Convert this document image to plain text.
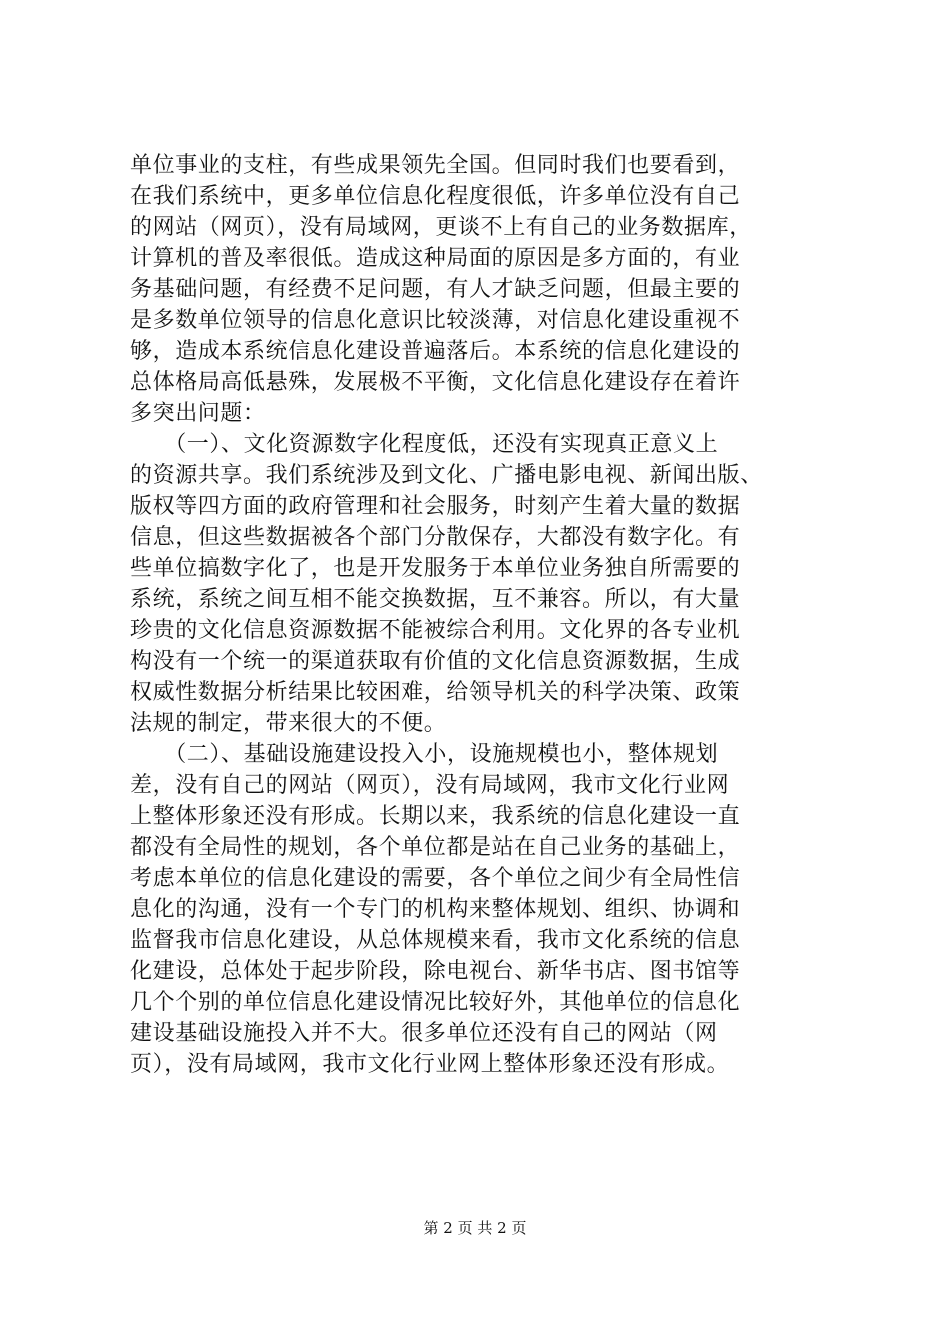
单位事业的支柱，有些成果领先全国。但同时我们也要看到，
在我们系统中，更多单位信息化程度很低，许多单位没有自己
的网站（网页），没有局域网，更谈不上有自己的业务数据库，
计算机的普及率很低。造成这种局面的原因是多方面的，有业
务基础问题，有经费不足问题，有人才缺乏问题，但最主要的
是多数单位领导的信息化意识比较淡薄，对信息化建设重视不
够，造成本系统信息化建设普遍落后。本系统的信息化建设的
总体格局高低悬殊，发展极不平衡，文化信息化建设存在着许
多突出问题：
　　（一）、文化资源数字化程度低，还没有实现真正意义上
的资源共享。我们系统涉及到文化、广播电影电视、新闻出版、
版权等四方面的政府管理和社会服务，时刻产生着大量的数据
信息，但这些数据被各个部门分散保存，大都没有数字化。有
些单位搞数字化了，也是开发服务于本单位业务独自所需要的
系统，系统之间互相不能交换数据，互不兼容。所以，有大量
珍贵的文化信息资源数据不能被综合利用。文化界的各专业机
构没有一个统一的渠道获取有价值的文化信息资源数据，生成
权威性数据分析结果比较困难，给领导机关的科学决策、政策
法规的制定，带来很大的不便。
　　（二）、基础设施建设投入小，设施规模也小，整体规划
差，没有自己的网站（网页），没有局域网，我市文化行业网
上整体形象还没有形成。长期以来，我系统的信息化建设一直
都没有全局性的规划，各个单位都是站在自己业务的基础上，
考虑本单位的信息化建设的需要，各个单位之间少有全局性信
息化的沟通，没有一个专门的机构来整体规划、组织、协调和
监督我市信息化建设，从总体规模来看，我市文化系统的信息
化建设，总体处于起步阶段，除电视台、新华书店、图书馆等
几个个别的单位信息化建设情况比较好外，其他单位的信息化
建设基础设施投入并不大。很多单位还没有自己的网站（网
页），没有局域网，我市文化行业网上整体形象还没有形成。
第 2 页 共 2 页
